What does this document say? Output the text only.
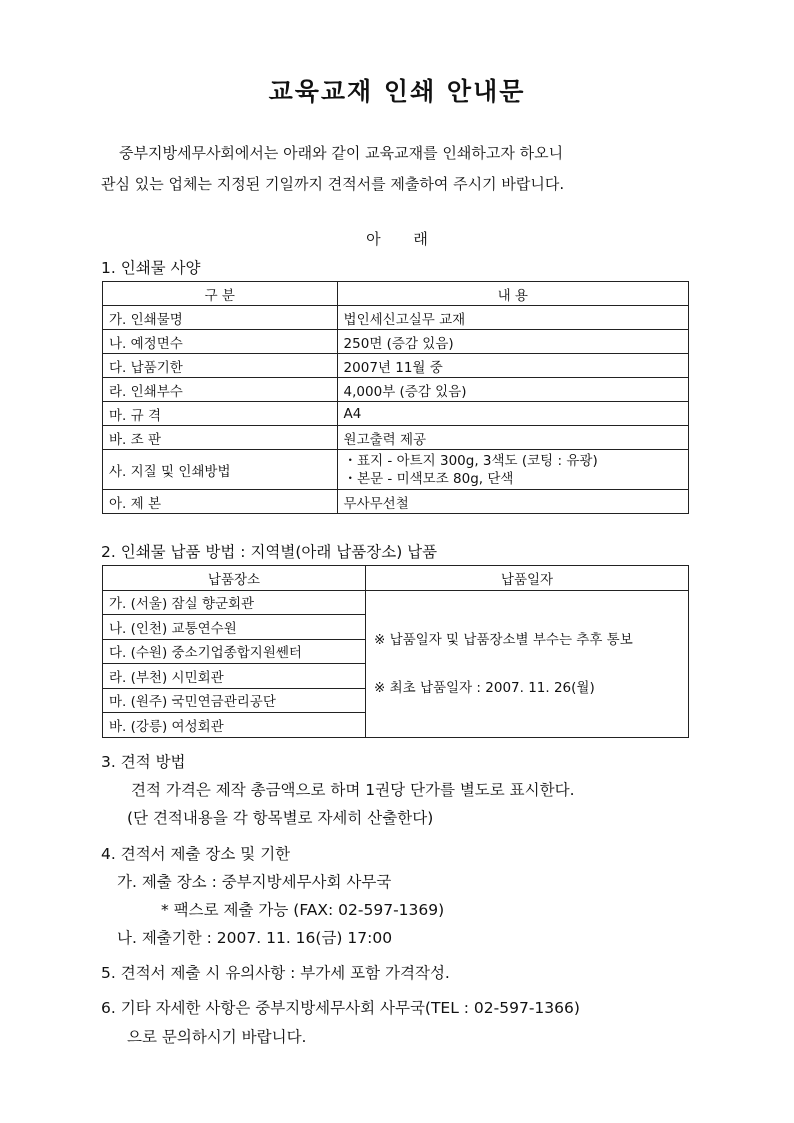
교육교재 인쇄 안내문
중부지방세무사회에서는 아래와 같이 교육교재를 인쇄하고자 하오니
관심 있는 업체는 지정된 기일까지 견적서를 제출하여 주시기 바랍니다.
아 래
1. 인쇄물 사양
구 분	내 용
가. 인쇄물명	법인세신고실무 교재
나. 예정면수	250면 (증감 있음)
다. 납품기한	2007년 11월 중
라. 인쇄부수	4,000부 (증감 있음)
마. 규 격	A4
바. 조 판	원고출력 제공
사. 지질 및 인쇄방법	・표지 - 아트지 300g, 3색도 (코팅 : 유광)
・본문 - 미색모조 80g, 단색

아. 제 본	무사무선철
2. 인쇄물 납품 방법 : 지역별(아래 납품장소) 납품
납품장소	납품일자
가. (서울) 잠실 향군회관	※ 납품일자 및 납품장소별 부수는 추후 통보
※ 최초 납품일자 : 2007. 11. 26(월)

나. (인천) 교통연수원	
다. (수원) 중소기업종합지원쎈터	
라. (부천) 시민회관	
마. (원주) 국민연금관리공단	
바. (강릉) 여성회관	
3. 견적 방법
견적 가격은 제작 총금액으로 하며 1권당 단가를 별도로 표시한다.
(단 견적내용을 각 항목별로 자세히 산출한다)
4. 견적서 제출 장소 및 기한
가. 제출 장소 : 중부지방세무사회 사무국
* 팩스로 제출 가능 (FAX: 02-597-1369)
나. 제출기한 : 2007. 11. 16(금) 17:00
5. 견적서 제출 시 유의사항 : 부가세 포함 가격작성.
6. 기타 자세한 사항은 중부지방세무사회 사무국(TEL : 02-597-1366)
으로 문의하시기 바랍니다.
